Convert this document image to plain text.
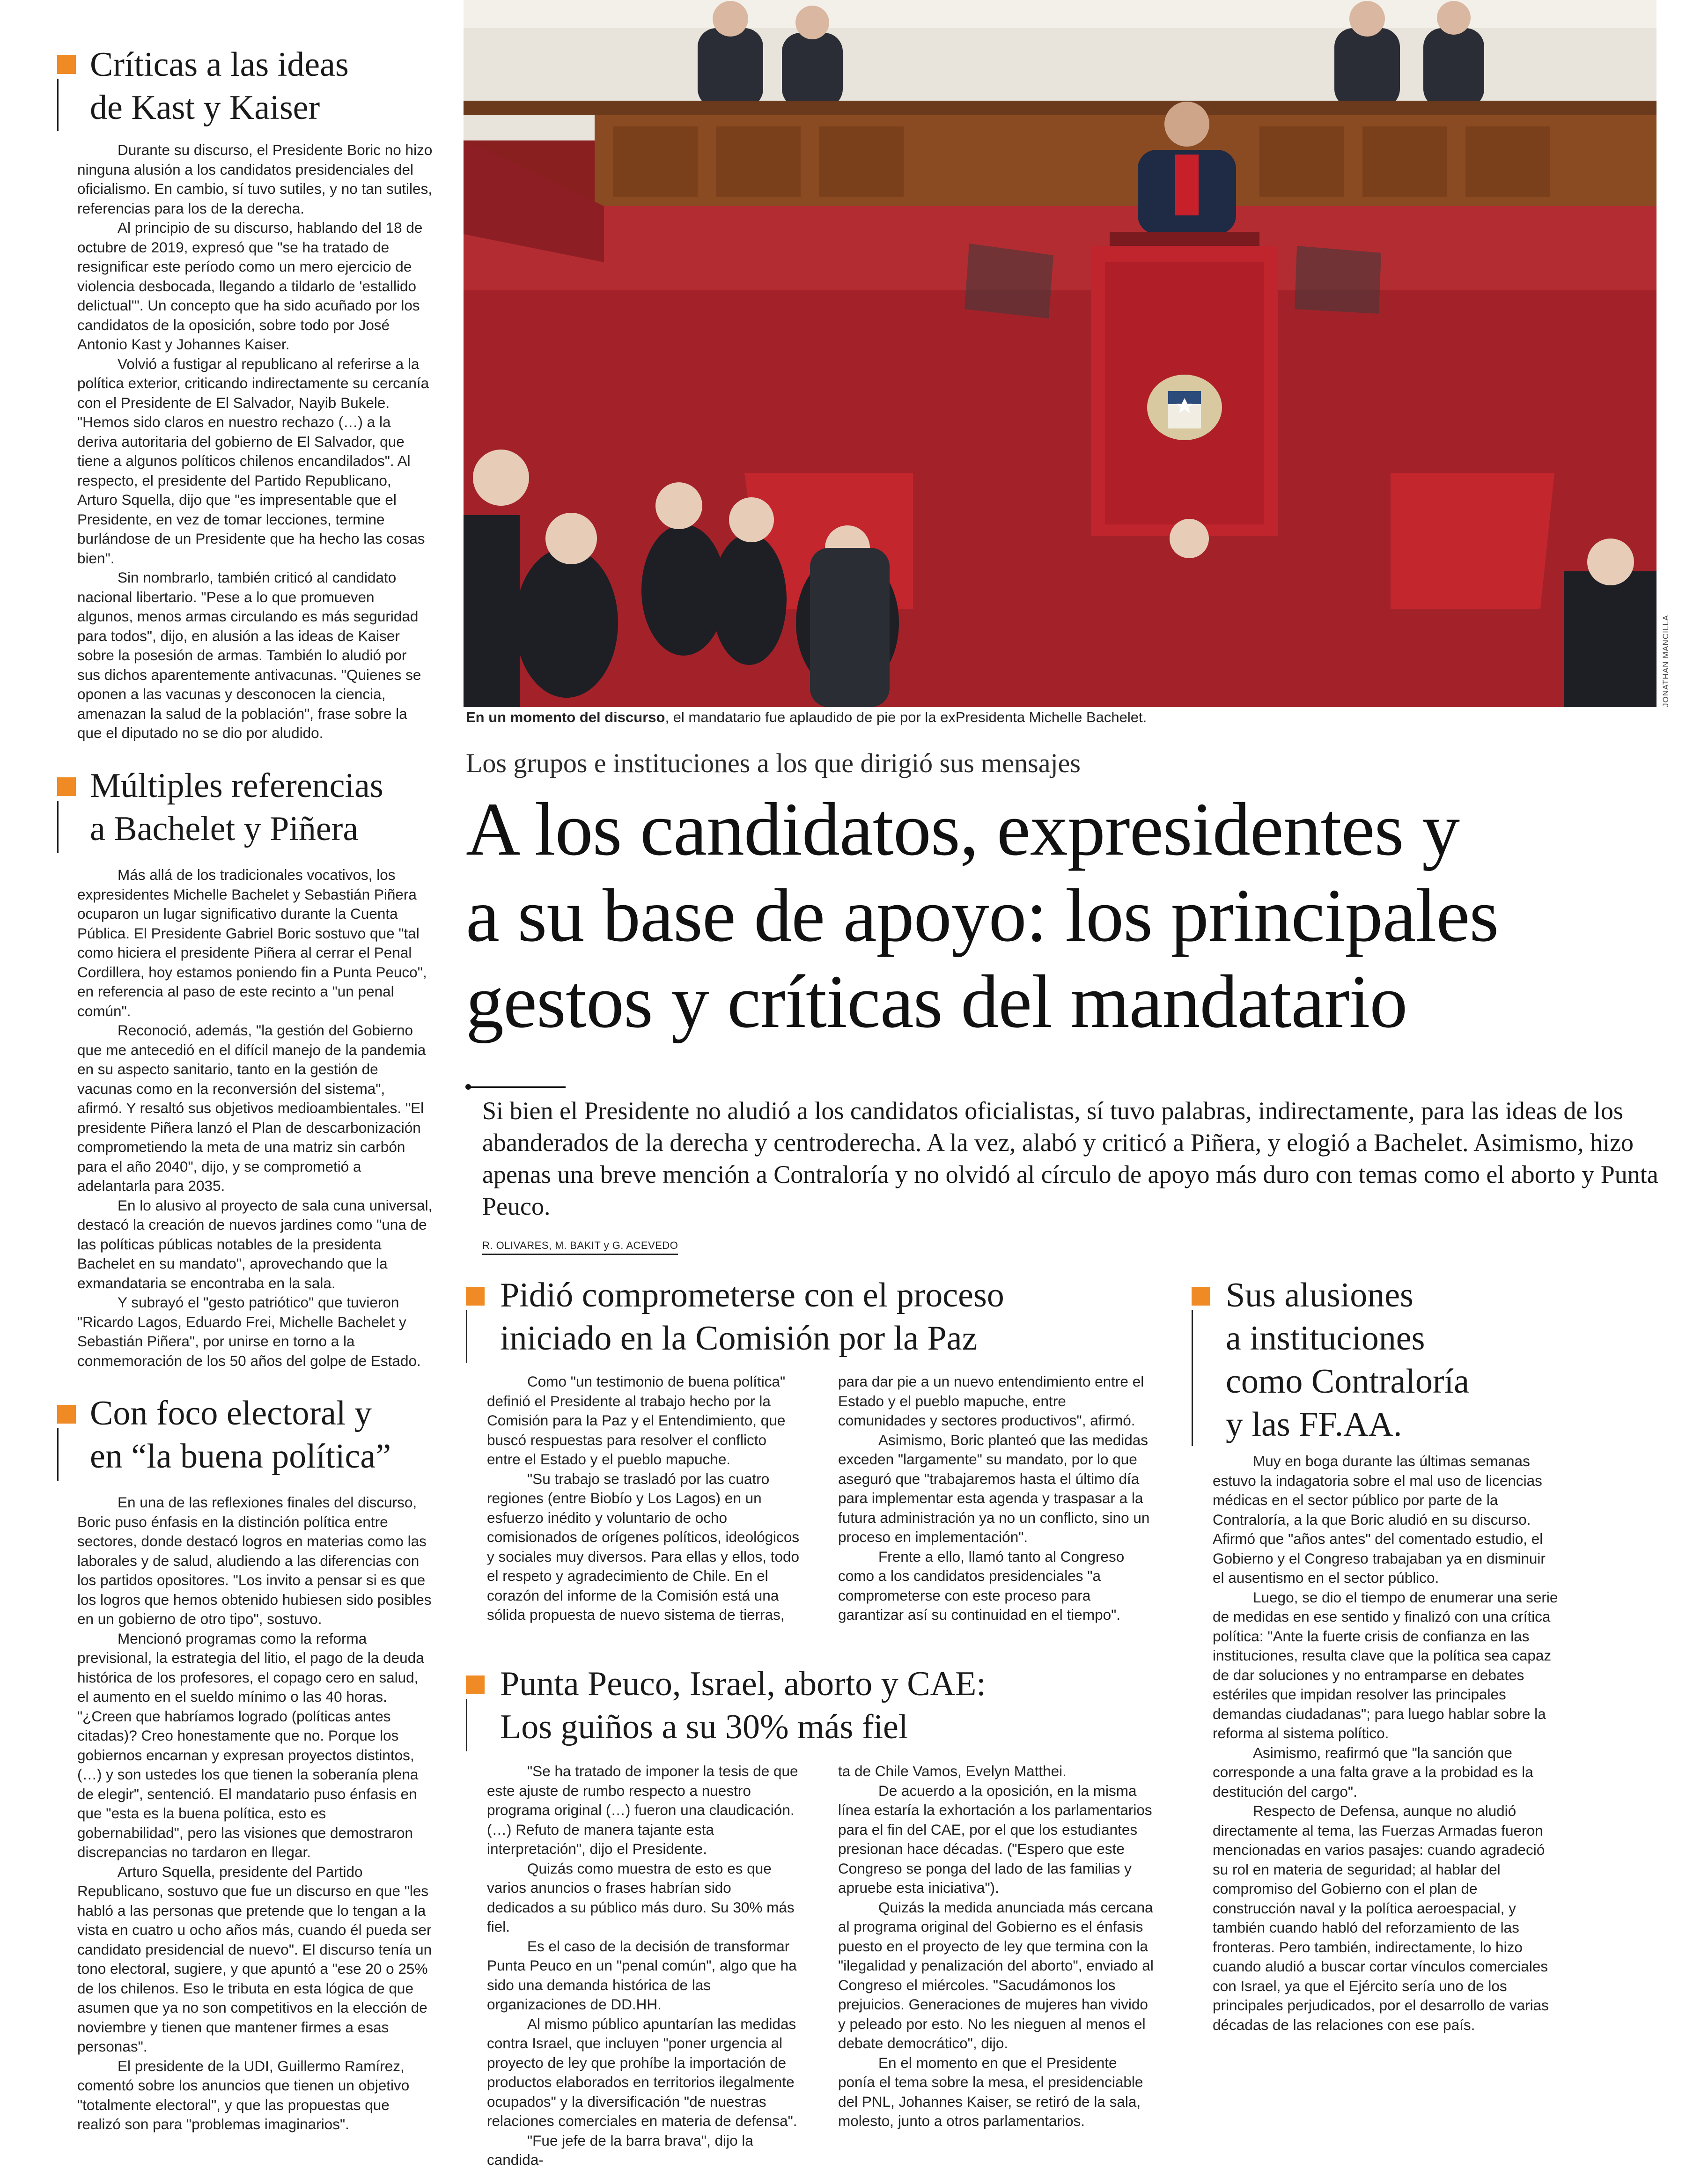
JONATHAN MANCILLA
En un momento del discurso, el mandatario fue aplaudido de pie por la exPresidenta Michelle Bachelet.
Los grupos e instituciones a los que dirigió sus mensajes
A los candidatos, expresidentes y
a su base de apoyo: los principales
gestos y críticas del mandatario
Si bien el Presidente no aludió a los candidatos oficialistas, sí tuvo palabras, indirectamente, para las ideas de los abanderados de la derecha y centroderecha. A la vez, alabó y criticó a Piñera, y elogió a Bachelet. Asimismo, hizo apenas una breve mención a Contraloría y no olvidó al círculo de apoyo más duro con temas como el aborto y Punta Peuco.
R. OLIVARES, M. BAKIT y G. ACEVEDO
Críticas a las ideas
de Kast y Kaiser

Durante su discurso, el Presidente Boric no hizo ninguna alusión a los candidatos presidenciales del oficialismo. En cambio, sí tuvo sutiles, y no tan sutiles, referencias para los de la derecha.

Al principio de su discurso, hablando del 18 de octubre de 2019, expresó que "se ha tratado de resignificar este período como un mero ejercicio de violencia desbocada, llegando a tildarlo de 'estallido delictual'". Un concepto que ha sido acuñado por los candidatos de la oposición, sobre todo por José Antonio Kast y Johannes Kaiser.

Volvió a fustigar al republicano al referirse a la política exterior, criticando indirectamente su cercanía con el Presidente de El Salvador, Nayib Bukele. "Hemos sido claros en nuestro rechazo (…) a la deriva autoritaria del gobierno de El Salvador, que tiene a algunos políticos chilenos encandilados". Al respecto, el presidente del Partido Republicano, Arturo Squella, dijo que "es impresentable que el Presidente, en vez de tomar lecciones, termine burlándose de un Presidente que ha hecho las cosas bien".

Sin nombrarlo, también criticó al candidato nacional libertario. "Pese a lo que promueven algunos, menos armas circulando es más seguridad para todos", dijo, en alusión a las ideas de Kaiser sobre la posesión de armas. También lo aludió por sus dichos aparentemente antivacunas. "Quienes se oponen a las vacunas y desconocen la ciencia, amenazan la salud de la población", frase sobre la que el diputado no se dio por aludido.

Múltiples referencias
a Bachelet y Piñera

Más allá de los tradicionales vocativos, los expresidentes Michelle Bachelet y Sebastián Piñera ocuparon un lugar significativo durante la Cuenta Pública. El Presidente Gabriel Boric sostuvo que "tal como hiciera el presidente Piñera al cerrar el Penal Cordillera, hoy estamos poniendo fin a Punta Peuco", en referencia al paso de este recinto a "un penal común".

Reconoció, además, "la gestión del Gobierno que me antecedió en el difícil manejo de la pandemia en su aspecto sanitario, tanto en la gestión de vacunas como en la reconversión del sistema", afirmó. Y resaltó sus objetivos medioambientales. "El presidente Piñera lanzó el Plan de descarbonización comprometiendo la meta de una matriz sin carbón para el año 2040", dijo, y se comprometió a adelantarla para 2035.

En lo alusivo al proyecto de sala cuna universal, destacó la creación de nuevos jardines como "una de las políticas públicas notables de la presidenta Bachelet en su mandato", aprovechando que la exmandataria se encontraba en la sala.

Y subrayó el "gesto patriótico" que tuvieron "Ricardo Lagos, Eduardo Frei, Michelle Bachelet y Sebastián Piñera", por unirse en torno a la conmemoración de los 50 años del golpe de Estado.

Con foco electoral y
en “la buena política”

En una de las reflexiones finales del discurso, Boric puso énfasis en la distinción política entre sectores, donde destacó logros en materias como las laborales y de salud, aludiendo a las diferencias con los partidos opositores. "Los invito a pensar si es que los logros que hemos obtenido hubiesen sido posibles en un gobierno de otro tipo", sostuvo.

Mencionó programas como la reforma previsional, la estrategia del litio, el pago de la deuda histórica de los profesores, el copago cero en salud, el aumento en el sueldo mínimo o las 40 horas. "¿Creen que habríamos logrado (políticas antes citadas)? Creo honestamente que no. Porque los gobiernos encarnan y expresan proyectos distintos, (…) y son ustedes los que tienen la soberanía plena de elegir", sentenció. El mandatario puso énfasis en que "esta es la buena política, esto es gobernabilidad", pero las visiones que demostraron discrepancias no tardaron en llegar.

Arturo Squella, presidente del Partido Republicano, sostuvo que fue un discurso en que "les habló a las personas que pretende que lo tengan a la vista en cuatro u ocho años más, cuando él pueda ser candidato presidencial de nuevo". El discurso tenía un tono electoral, sugiere, y que apuntó a "ese 20 o 25% de los chilenos. Eso le tributa en esta lógica de que asumen que ya no son competitivos en la elección de noviembre y tienen que mantener firmes a esas personas".

El presidente de la UDI, Guillermo Ramírez, comentó sobre los anuncios que tienen un objetivo "totalmente electoral", y que las propuestas que realizó son para "problemas imaginarios".

Pidió comprometerse con el proceso
iniciado en la Comisión por la Paz

Como "un testimonio de buena política" definió el Presidente al trabajo hecho por la Comisión para la Paz y el Entendimiento, que buscó respuestas para resolver el conflicto entre el Estado y el pueblo mapuche.

"Su trabajo se trasladó por las cuatro regiones (entre Biobío y Los Lagos) en un esfuerzo inédito y voluntario de ocho comisionados de orígenes políticos, ideológicos y sociales muy diversos. Para ellas y ellos, todo el respeto y agradecimiento de Chile. En el corazón del informe de la Comisión está una sólida propuesta de nuevo sistema de tierras,

para dar pie a un nuevo entendimiento entre el Estado y el pueblo mapuche, entre comunidades y sectores productivos", afirmó.

Asimismo, Boric planteó que las medidas exceden "largamente" su mandato, por lo que aseguró que "trabajaremos hasta el último día para implementar esta agenda y traspasar a la futura administración ya no un conflicto, sino un proceso en implementación".

Frente a ello, llamó tanto al Congreso como a los candidatos presidenciales "a comprometerse con este proceso para garantizar así su continuidad en el tiempo".

Punta Peuco, Israel, aborto y CAE:
Los guiños a su 30% más fiel

"Se ha tratado de imponer la tesis de que este ajuste de rumbo respecto a nuestro programa original (…) fueron una claudicación. (…) Refuto de manera tajante esta interpretación", dijo el Presidente.

Quizás como muestra de esto es que varios anuncios o frases habrían sido dedicados a su público más duro. Su 30% más fiel.

Es el caso de la decisión de transformar Punta Peuco en un "penal común", algo que ha sido una demanda histórica de las organizaciones de DD.HH.

Al mismo público apuntarían las medidas contra Israel, que incluyen "poner urgencia al proyecto de ley que prohíbe la importación de productos elaborados en territorios ilegalmente ocupados" y la diversificación "de nuestras relaciones comerciales en materia de defensa".

"Fue jefe de la barra brava", dijo la candida-

ta de Chile Vamos, Evelyn Matthei.

De acuerdo a la oposición, en la misma línea estaría la exhortación a los parlamentarios para el fin del CAE, por el que los estudiantes presionan hace décadas. ("Espero que este Congreso se ponga del lado de las familias y apruebe esta iniciativa").

Quizás la medida anunciada más cercana al programa original del Gobierno es el énfasis puesto en el proyecto de ley que termina con la "ilegalidad y penalización del aborto", enviado al Congreso el miércoles. "Sacudámonos los prejuicios. Generaciones de mujeres han vivido y peleado por esto. No les nieguen al menos el debate democrático", dijo.

En el momento en que el Presidente ponía el tema sobre la mesa, el presidenciable del PNL, Johannes Kaiser, se retiró de la sala, molesto, junto a otros parlamentarios.

Sus alusiones
a instituciones
como Contraloría
y las FF.AA.

Muy en boga durante las últimas semanas estuvo la indagatoria sobre el mal uso de licencias médicas en el sector público por parte de la Contraloría, a la que Boric aludió en su discurso. Afirmó que "años antes" del comentado estudio, el Gobierno y el Congreso trabajaban ya en disminuir el ausentismo en el sector público.

Luego, se dio el tiempo de enumerar una serie de medidas en ese sentido y finalizó con una crítica política: "Ante la fuerte crisis de confianza en las instituciones, resulta clave que la política sea capaz de dar soluciones y no entramparse en debates estériles que impidan resolver las principales demandas ciudadanas"; para luego hablar sobre la reforma al sistema político.

Asimismo, reafirmó que "la sanción que corresponde a una falta grave a la probidad es la destitución del cargo".

Respecto de Defensa, aunque no aludió directamente al tema, las Fuerzas Armadas fueron mencionadas en varios pasajes: cuando agradeció su rol en materia de seguridad; al hablar del compromiso del Gobierno con el plan de construcción naval y la política aeroespacial, y también cuando habló del reforzamiento de las fronteras. Pero también, indirectamente, lo hizo cuando aludió a buscar cortar vínculos comerciales con Israel, ya que el Ejército sería uno de los principales perjudicados, por el desarrollo de varias décadas de las relaciones con ese país.
